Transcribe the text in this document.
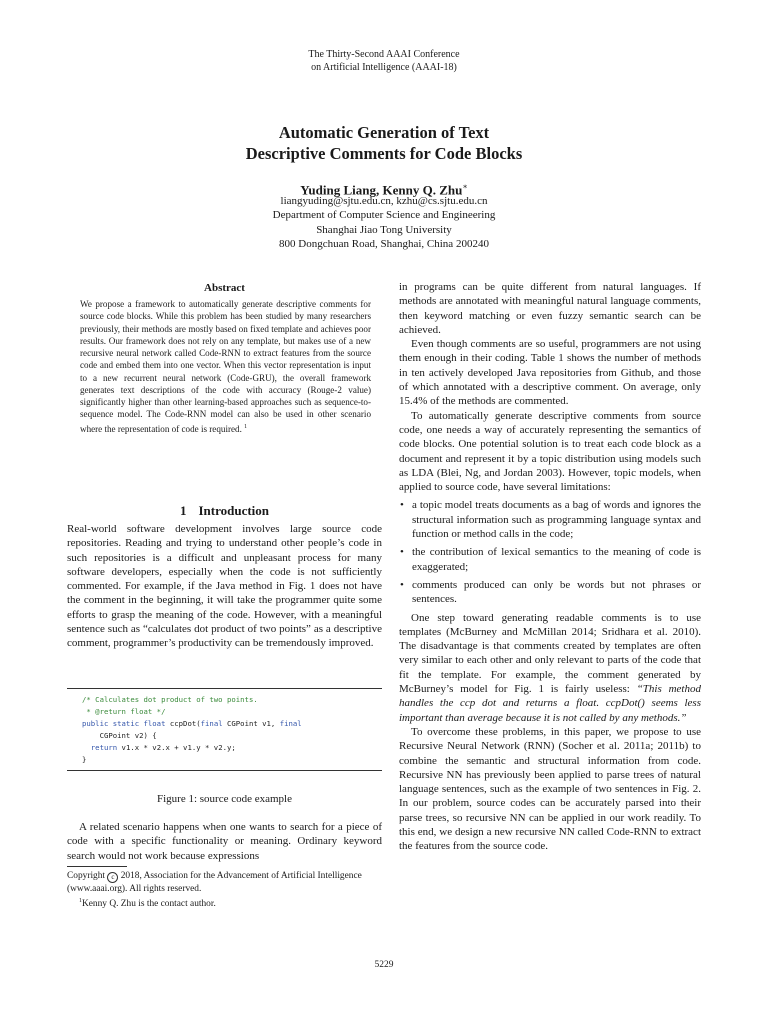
The Thirty-Second AAAI Conference
on Artificial Intelligence (AAAI-18)
Automatic Generation of Text
Descriptive Comments for Code Blocks
Yuding Liang, Kenny Q. Zhu∗
liangyuding@sjtu.edu.cn, kzhu@cs.sjtu.edu.cn
Department of Computer Science and Engineering
Shanghai Jiao Tong University
800 Dongchuan Road, Shanghai, China 200240
Abstract
We propose a framework to automatically generate descriptive comments for source code blocks. While this problem has been studied by many researchers previously, their methods are mostly based on fixed template and achieves poor results. Our framework does not rely on any template, but makes use of a new recursive neural network called Code-RNN to extract features from the source code and embed them into one vector. When this vector representation is input to a new recurrent neural network (Code-GRU), the overall framework generates text descriptions of the code with accuracy (Rouge-2 value) significantly higher than other learning-based approaches such as sequence-to-sequence model. The Code-RNN model can also be used in other scenario where the representation of code is required. $^1$
1 Introduction

Real-world software development involves large source code repositories. Reading and trying to understand other people’s code in such repositories is a difficult and unpleasant process for many software developers, especially when the code is not sufficiently commented. For example, if the Java method in Fig. 1 does not have the comment in the beginning, it will take the programmer quite some efforts to grasp the meaning of the code. However, with a meaningful sentence such as “calculates dot product of two points” as a descriptive comment, programmer’s productivity can be tremendously improved.

/* Calculates dot product of two points.
* @return float */
public static float ccpDot(final CGPoint v1, final
CGPoint v2) {
return v1.x * v2.x + v1.y * v2.y;
}
Figure 1: source code example

A related scenario happens when one wants to search for a piece of code with a specific functionality or meaning. Ordinary keyword search would not work because expressions

Copyright c 2018, Association for the Advancement of Artificial Intelligence (www.aaai.org). All rights reserved.
$^1$Kenny Q. Zhu is the contact author.

in programs can be quite different from natural languages. If methods are annotated with meaningful natural language comments, then keyword matching or even fuzzy semantic search can be achieved.

Even though comments are so useful, programmers are not using them enough in their coding. Table 1 shows the number of methods in ten actively developed Java repositories from Github, and those of which annotated with a descriptive comment. On average, only 15.4% of the methods are commented.

To automatically generate descriptive comments from source code, one needs a way of accurately representing the semantics of code blocks. One potential solution is to treat each code block as a document and represent it by a topic distribution using models such as LDA (Blei, Ng, and Jordan 2003). However, topic models, when applied to source code, have several limitations:

• a topic model treats documents as a bag of words and ignores the structural information such as programming language syntax and function or method calls in the code;
• the contribution of lexical semantics to the meaning of code is exaggerated;
• comments produced can only be words but not phrases or sentences.

One step toward generating readable comments is to use templates (McBurney and McMillan 2014; Sridhara et al. 2010). The disadvantage is that comments created by templates are often very similar to each other and only relevant to parts of the code that fit the template. For example, the comment generated by McBurney’s model for Fig. 1 is fairly useless: “This method handles the ccp dot and returns a float. ccpDot() seems less important than average because it is not called by any methods.”

To overcome these problems, in this paper, we propose to use Recursive Neural Network (RNN) (Socher et al. 2011a; 2011b) to combine the semantic and structural information from code. Recursive NN has previously been applied to parse trees of natural language sentences, such as the example of two sentences in Fig. 2. In our problem, source codes can be accurately parsed into their parse trees, so recursive NN can be applied in our work readily. To this end, we design a new recursive NN called Code-RNN to extract the features from the source code.

5229
